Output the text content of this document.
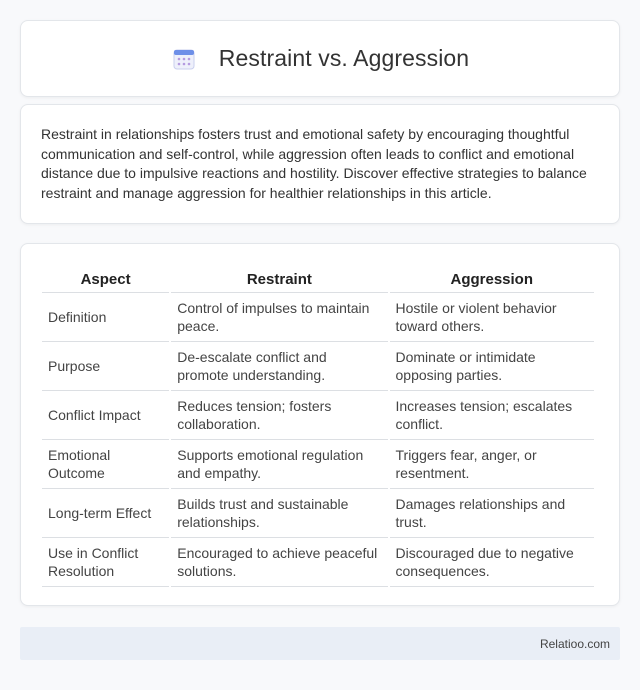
Restraint vs. Aggression

Restraint in relationships fosters trust and emotional safety by encouraging thoughtful communication and self-control, while aggression often leads to conflict and emotional distance due to impulsive reactions and hostility. Discover effective strategies to balance restraint and manage aggression for healthier relationships in this article.

Aspect	Restraint	Aggression
Definition	Control of impulses to maintain peace.	Hostile or violent behavior toward others.
Purpose	De-escalate conflict and promote understanding.	Dominate or intimidate opposing parties.
Conflict Impact	Reduces tension; fosters collaboration.	Increases tension; escalates conflict.
Emotional Outcome	Supports emotional regulation and empathy.	Triggers fear, anger, or resentment.
Long-term Effect	Builds trust and sustainable relationships.	Damages relationships and trust.
Use in Conflict Resolution	Encouraged to achieve peaceful solutions.	Discouraged due to negative consequences.
Relatioo.com
